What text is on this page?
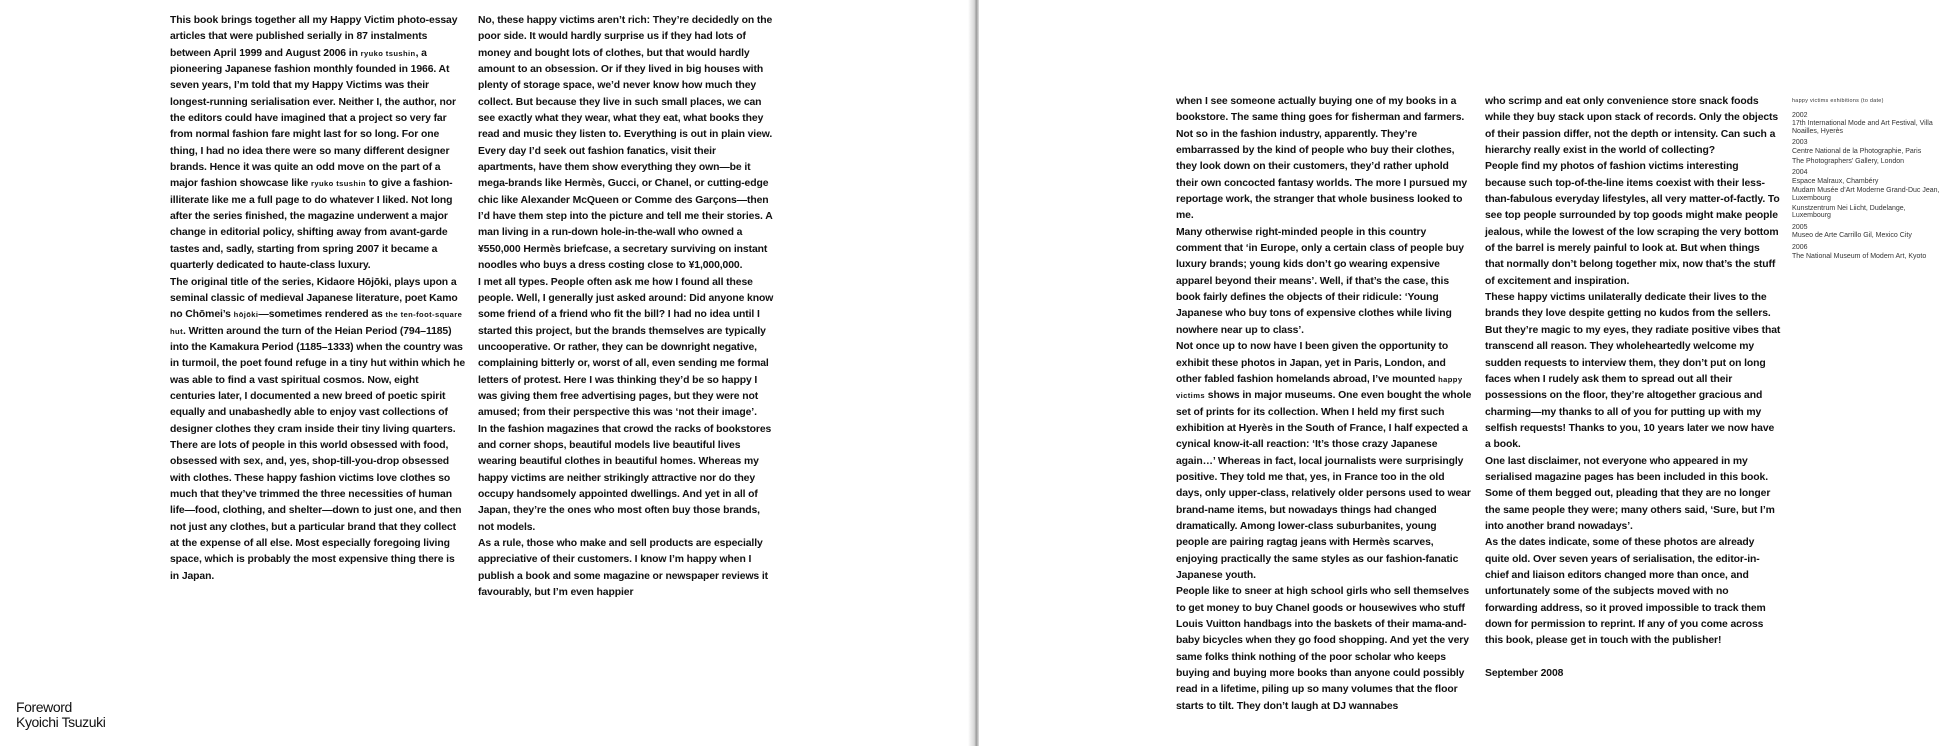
This book brings together all my Happy Victim photo-essay articles that were published serially in 87 instalments between April 1999 and August 2006 in ryuko tsushin, a pioneering Japanese fashion monthly founded in 1966. At seven years, I’m told that my Happy Victims was their longest-running serialisation ever. Neither I, the author, nor the editors could have imagined that a project so very far from normal fashion fare might last for so long. For one thing, I had no idea there were so many different designer brands. Hence it was quite an odd move on the part of a major fashion showcase like ryuko tsushin to give a fashion-illiterate like me a full page to do whatever I liked. Not long after the series finished, the magazine underwent a major change in editorial policy, shifting away from avant-garde tastes and, sadly, starting from spring 2007 it became a quarterly dedicated to haute-class luxury.

The original title of the series, Kidaore Hōjōki, plays upon a seminal classic of medieval Japanese literature, poet Kamo no Chōmei’s hōjōki—sometimes rendered as the ten-foot-square hut. Written around the turn of the Heian Period (794–1185) into the Kamakura Period (1185–1333) when the country was in turmoil, the poet found refuge in a tiny hut within which he was able to find a vast spiritual cosmos. Now, eight centuries later, I documented a new breed of poetic spirit equally and unabashedly able to enjoy vast collections of designer clothes they cram inside their tiny living quarters.

There are lots of people in this world obsessed with food, obsessed with sex, and, yes, shop-till-you-drop obsessed with clothes. These happy fashion victims love clothes so much that they’ve trimmed the three necessities of human life—food, clothing, and shelter—down to just one, and then not just any clothes, but a particular brand that they collect at the expense of all else. Most especially foregoing living space, which is probably the most expensive thing there is in Japan.

No, these happy victims aren’t rich: They’re decidedly on the poor side. It would hardly surprise us if they had lots of money and bought lots of clothes, but that would hardly amount to an obsession. Or if they lived in big houses with plenty of storage space, we’d never know how much they collect. But because they live in such small places, we can see exactly what they wear, what they eat, what books they read and music they listen to. Everything is out in plain view.

Every day I’d seek out fashion fanatics, visit their apartments, have them show everything they own—be it mega-brands like Hermès, Gucci, or Chanel, or cutting-edge chic like Alexander McQueen or Comme des Garçons—then I’d have them step into the picture and tell me their stories. A man living in a run-down hole-in-the-wall who owned a ¥550,000 Hermès briefcase, a secretary surviving on instant noodles who buys a dress costing close to ¥1,000,000.

I met all types. People often ask me how I found all these people. Well, I generally just asked around: Did anyone know some friend of a friend who fit the bill? I had no idea until I started this project, but the brands themselves are typically uncooperative. Or rather, they can be downright negative, complaining bitterly or, worst of all, even sending me formal letters of protest. Here I was thinking they’d be so happy I was giving them free advertising pages, but they were not amused; from their perspective this was ‘not their image’.

In the fashion magazines that crowd the racks of bookstores and corner shops, beautiful models live beautiful lives wearing beautiful clothes in beautiful homes. Whereas my happy victims are neither strikingly attractive nor do they occupy handsomely appointed dwellings. And yet in all of Japan, they’re the ones who most often buy those brands, not models.

As a rule, those who make and sell products are especially appreciative of their customers. I know I’m happy when I publish a book and some magazine or newspaper reviews it favourably, but I’m even happier

Foreword
Kyoichi Tsuzuki

when I see someone actually buying one of my books in a bookstore. The same thing goes for fisherman and farmers. Not so in the fashion industry, apparently. They’re embarrassed by the kind of people who buy their clothes, they look down on their customers, they’d rather uphold their own concocted fantasy worlds. The more I pursued my reportage work, the stranger that whole business looked to me.

Many otherwise right-minded people in this country comment that ‘in Europe, only a certain class of people buy luxury brands; young kids don’t go wearing expensive apparel beyond their means’. Well, if that’s the case, this book fairly defines the objects of their ridicule: ‘Young Japanese who buy tons of expensive clothes while living nowhere near up to class’.

Not once up to now have I been given the opportunity to exhibit these photos in Japan, yet in Paris, London, and other fabled fashion homelands abroad, I’ve mounted happy victims shows in major museums. One even bought the whole set of prints for its collection. When I held my first such exhibition at Hyerès in the South of France, I half expected a cynical know-it-all reaction: ‘It’s those crazy Japanese again…’ Whereas in fact, local journalists were surprisingly positive. They told me that, yes, in France too in the old days, only upper-class, relatively older persons used to wear brand-name items, but nowadays things had changed dramatically. Among lower-class suburbanites, young people are pairing ragtag jeans with Hermès scarves, enjoying practically the same styles as our fashion-fanatic Japanese youth.

People like to sneer at high school girls who sell themselves to get money to buy Chanel goods or housewives who stuff Louis Vuitton handbags into the baskets of their mama-and-baby bicycles when they go food shopping. And yet the very same folks think nothing of the poor scholar who keeps buying and buying more books than anyone could possibly read in a lifetime, piling up so many volumes that the floor starts to tilt. They don’t laugh at DJ wannabes

who scrimp and eat only convenience store snack foods while they buy stack upon stack of records. Only the objects of their passion differ, not the depth or intensity. Can such a hierarchy really exist in the world of collecting?

People find my photos of fashion victims interesting because such top-of-the-line items coexist with their less-than-fabulous everyday lifestyles, all very matter-of-factly. To see top people surrounded by top goods might make people jealous, while the lowest of the low scraping the very bottom of the barrel is merely painful to look at. But when things that normally don’t belong together mix, now that’s the stuff of excitement and inspiration.

These happy victims unilaterally dedicate their lives to the brands they love despite getting no kudos from the sellers. But they’re magic to my eyes, they radiate positive vibes that transcend all reason. They wholeheartedly welcome my sudden requests to interview them, they don’t put on long faces when I rudely ask them to spread out all their possessions on the floor, they’re altogether gracious and charming—my thanks to all of you for putting up with my selfish requests! Thanks to you, 10 years later we now have a book.

One last disclaimer, not everyone who appeared in my serialised magazine pages has been included in this book. Some of them begged out, pleading that they are no longer the same people they were; many others said, ‘Sure, but I’m into another brand nowadays’.

As the dates indicate, some of these photos are already quite old. Over seven years of serialisation, the editor-in-chief and liaison editors changed more than once, and unfortunately some of the subjects moved with no forwarding address, so it proved impossible to track them down for permission to reprint. If any of you come across this book, please get in touch with the publisher!

September 2008

happy victims exhibitions (to date)
2002
17th International Mode and Art Festival, Villa Noailles, Hyerès
2003
Centre National de la Photographie, Paris
The Photographers’ Gallery, London
2004
Espace Malraux, Chambéry
Mudam Musée d’Art Moderne Grand-Duc Jean, Luxembourg
Kunstzentrum Nei Liicht, Dudelange, Luxembourg
2005
Museo de Arte Carrillo Gil, Mexico City
2006
The National Museum of Modern Art, Kyoto
